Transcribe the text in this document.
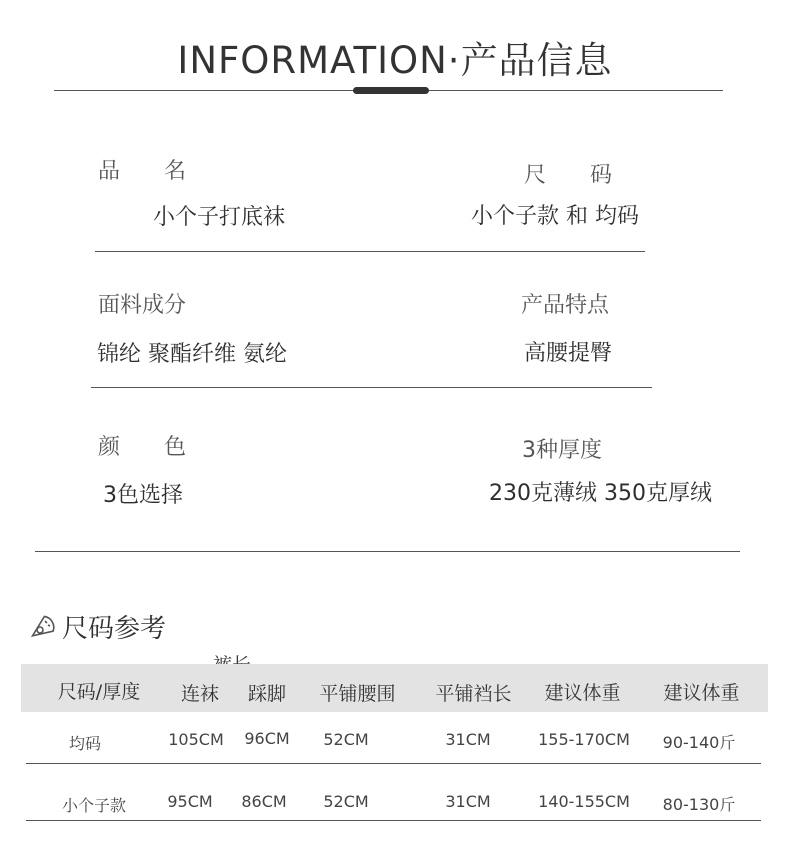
INFORMATION·产品信息
品名
小个子打底袜
尺码
小个子款 和 均码
面料成分
锦纶 聚酯纤维 氨纶
产品特点
高腰提臀
颜色
3色选择
3种厚度
230克薄绒 350克厚绒
尺码参考
尺码/厚度	连袜	踩脚	平铺腰围	平铺裆长	建议体重	建议体重
均码	105CM	96CM	52CM	31CM	155-170CM	90-140斤
小个子款	95CM	86CM	52CM	31CM	140-155CM	80-130斤
